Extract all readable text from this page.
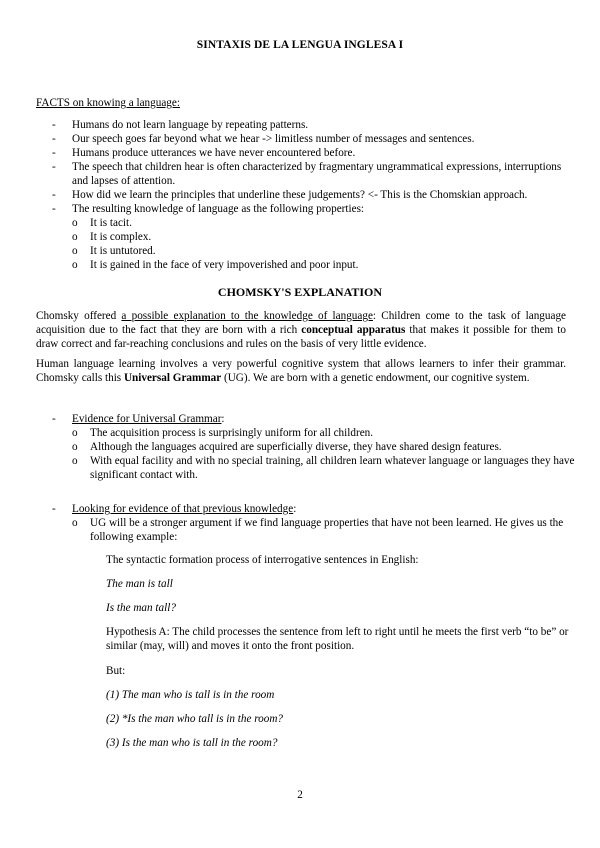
SINTAXIS DE LA LENGUA INGLESA I
FACTS on knowing a language:
- Humans do not learn language by repeating patterns.
- Our speech goes far beyond what we hear -> limitless number of messages and sentences.
- Humans produce utterances we have never encountered before.
- The speech that children hear is often characterized by fragmentary ungrammatical expressions, interruptions and lapses of attention.
- How did we learn the principles that underline these judgements? <- This is the Chomskian approach.
- The resulting knowledge of language as the following properties:
o It is tacit.
o It is complex.
o It is untutored.
o It is gained in the face of very impoverished and poor input.
CHOMSKY'S EXPLANATION
Chomsky offered a possible explanation to the knowledge of language: Children come to the task of language acquisition due to the fact that they are born with a rich conceptual apparatus that makes it possible for them to draw correct and far-reaching conclusions and rules on the basis of very little evidence.
Human language learning involves a very powerful cognitive system that allows learners to infer their grammar. Chomsky calls this Universal Grammar (UG). We are born with a genetic endowment, our cognitive system.
- Evidence for Universal Grammar:
o The acquisition process is surprisingly uniform for all children.
o Although the languages acquired are superficially diverse, they have shared design features.
o With equal facility and with no special training, all children learn whatever language or languages they have significant contact with.
- Looking for evidence of that previous knowledge:
o UG will be a stronger argument if we find language properties that have not been learned. He gives us the following example:
The syntactic formation process of interrogative sentences in English:
The man is tall
Is the man tall?
Hypothesis A: The child processes the sentence from left to right until he meets the first verb “to be” or similar (may, will) and moves it onto the front position.
But:
(1) The man who is tall is in the room
(2) *Is the man who tall is in the room?
(3) Is the man who is tall in the room?
2
